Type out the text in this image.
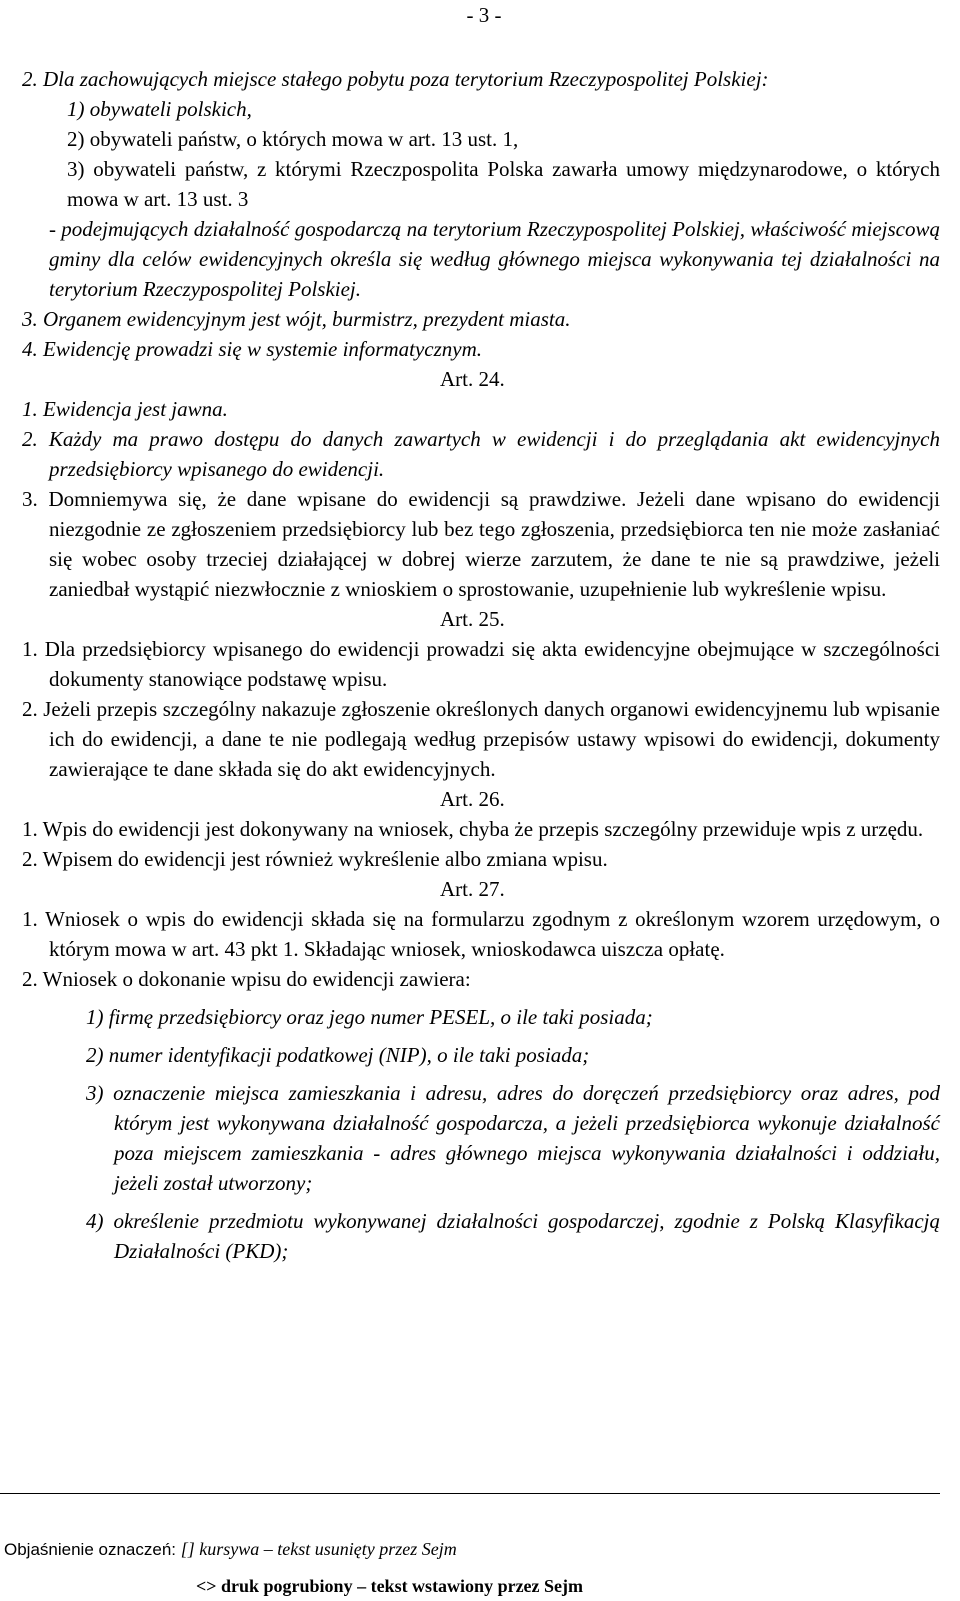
- 3 -
2. Dla zachowujących miejsce stałego pobytu poza terytorium Rzeczypospolitej Polskiej:
1) obywateli polskich,
2) obywateli państw, o których mowa w art. 13 ust. 1,
3) obywateli państw, z którymi Rzeczpospolita Polska zawarła umowy międzynarodowe, o których mowa w art. 13 ust. 3
- podejmujących działalność gospodarczą na terytorium Rzeczypospolitej Polskiej, właściwość miejscową gminy dla celów ewidencyjnych określa się według głównego miejsca wykonywania tej działalności na terytorium Rzeczypospolitej Polskiej.
3. Organem ewidencyjnym jest wójt, burmistrz, prezydent miasta.
4. Ewidencję prowadzi się w systemie informatycznym.
Art. 24.
1. Ewidencja jest jawna.
2. Każdy ma prawo dostępu do danych zawartych w ewidencji i do przeglądania akt ewidencyjnych przedsiębiorcy wpisanego do ewidencji.
3. Domniemywa się, że dane wpisane do ewidencji są prawdziwe. Jeżeli dane wpisano do ewidencji niezgodnie ze zgłoszeniem przedsiębiorcy lub bez tego zgłoszenia, przedsiębiorca ten nie może zasłaniać się wobec osoby trzeciej działającej w dobrej wierze zarzutem, że dane te nie są prawdziwe, jeżeli zaniedbał wystąpić niezwłocznie z wnioskiem o sprostowanie, uzupełnienie lub wykreślenie wpisu.
Art. 25.
1. Dla przedsiębiorcy wpisanego do ewidencji prowadzi się akta ewidencyjne obejmujące w szczególności dokumenty stanowiące podstawę wpisu.
2. Jeżeli przepis szczególny nakazuje zgłoszenie określonych danych organowi ewidencyjnemu lub wpisanie ich do ewidencji, a dane te nie podlegają według przepisów ustawy wpisowi do ewidencji, dokumenty zawierające te dane składa się do akt ewidencyjnych.
Art. 26.
1. Wpis do ewidencji jest dokonywany na wniosek, chyba że przepis szczególny przewiduje wpis z urzędu.
2. Wpisem do ewidencji jest również wykreślenie albo zmiana wpisu.
Art. 27.
1. Wniosek o wpis do ewidencji składa się na formularzu zgodnym z określonym wzorem urzędowym, o którym mowa w art. 43 pkt 1. Składając wniosek, wnioskodawca uiszcza opłatę.
2. Wniosek o dokonanie wpisu do ewidencji zawiera:
1) firmę przedsiębiorcy oraz jego numer PESEL, o ile taki posiada;
2) numer identyfikacji podatkowej (NIP), o ile taki posiada;
3) oznaczenie miejsca zamieszkania i adresu, adres do doręczeń przedsiębiorcy oraz adres, pod którym jest wykonywana działalność gospodarcza, a jeżeli przedsiębiorca wykonuje działalność poza miejscem zamieszkania - adres głównego miejsca wykonywania działalności i oddziału, jeżeli został utworzony;
4) określenie przedmiotu wykonywanej działalności gospodarczej, zgodnie z Polską Klasyfikacją Działalności (PKD);
Objaśnienie oznaczeń: [] kursywa – tekst usunięty przez Sejm
<> druk pogrubiony – tekst wstawiony przez Sejm
